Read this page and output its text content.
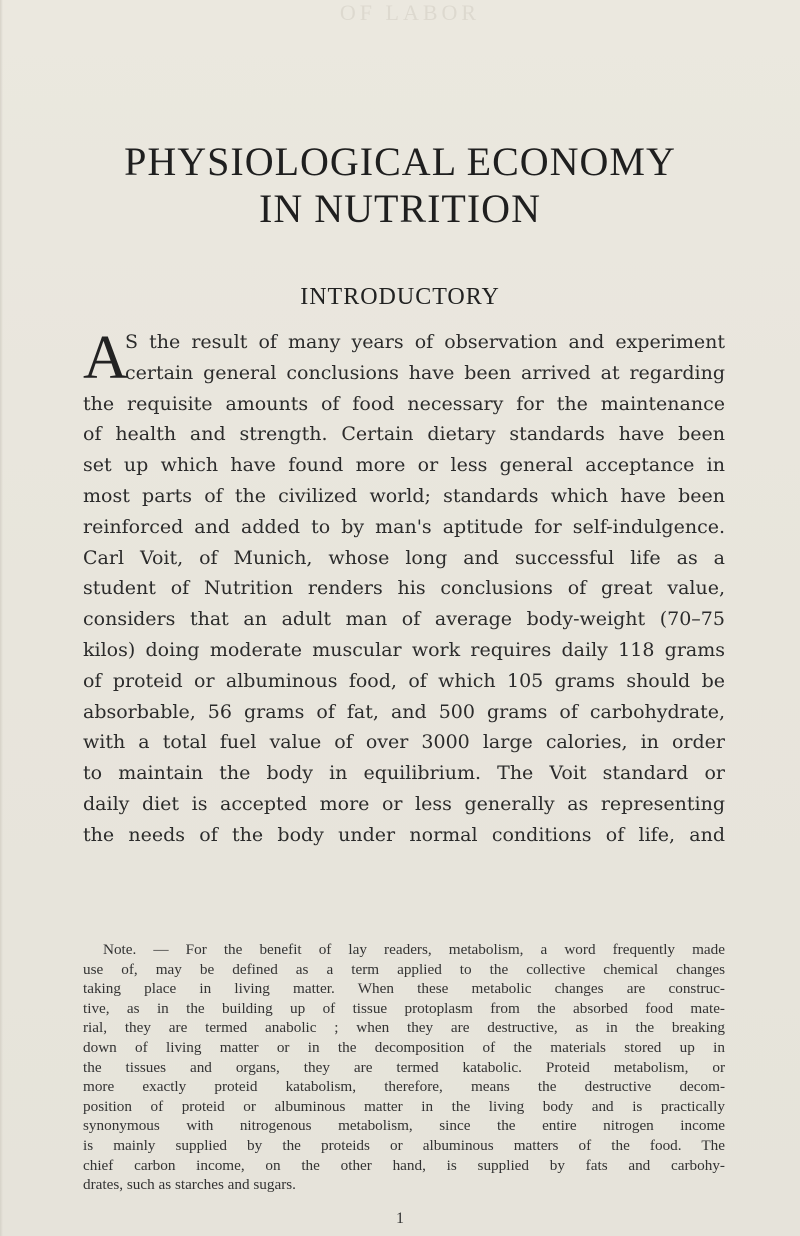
OF LABOR
PHYSIOLOGICAL ECONOMY
IN NUTRITION
INTRODUCTORY
A
S the result of many years of observation and experiment
certain general conclusions have been arrived at regarding
the requisite amounts of food necessary for the maintenance
of health and strength. Certain dietary standards have been
set up which have found more or less general acceptance in
most parts of the civilized world; standards which have been
reinforced and added to by man's aptitude for self-indulgence.
Carl Voit, of Munich, whose long and successful life as a
student of Nutrition renders his conclusions of great value,
considers that an adult man of average body-weight (70–75
kilos) doing moderate muscular work requires daily 118 grams
of proteid or albuminous food, of which 105 grams should be
absorbable, 56 grams of fat, and 500 grams of carbohydrate,
with a total fuel value of over 3000 large calories, in order
to maintain the body in equilibrium. The Voit standard or
daily diet is accepted more or less generally as representing
the needs of the body under normal conditions of life, and
Note. — For the benefit of lay readers, metabolism, a word frequently made
use of, may be defined as a term applied to the collective chemical changes
taking place in living matter. When these metabolic changes are construc-
tive, as in the building up of tissue protoplasm from the absorbed food mate-
rial, they are termed anabolic ; when they are destructive, as in the breaking
down of living matter or in the decomposition of the materials stored up in
the tissues and organs, they are termed katabolic. Proteid metabolism, or
more exactly proteid katabolism, therefore, means the destructive decom-
position of proteid or albuminous matter in the living body and is practically
synonymous with nitrogenous metabolism, since the entire nitrogen income
is mainly supplied by the proteids or albuminous matters of the food. The
chief carbon income, on the other hand, is supplied by fats and carbohy-
drates, such as starches and sugars.
1
